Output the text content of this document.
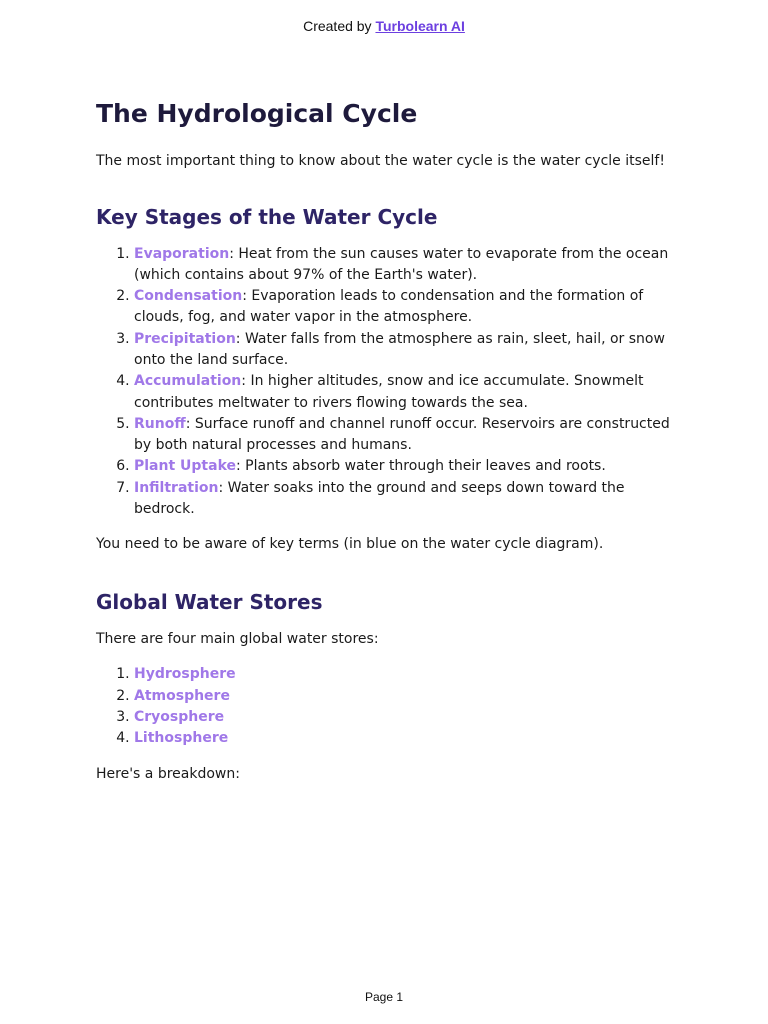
Created by Turbolearn AI
The Hydrological Cycle

The most important thing to know about the water cycle is the water cycle itself!

Key Stages of the Water Cycle
1. Evaporation: Heat from the sun causes water to evaporate from the ocean (which contains about 97% of the Earth's water).
2. Condensation: Evaporation leads to condensation and the formation of clouds, fog, and water vapor in the atmosphere.
3. Precipitation: Water falls from the atmosphere as rain, sleet, hail, or snow onto the land surface.
4. Accumulation: In higher altitudes, snow and ice accumulate. Snowmelt contributes meltwater to rivers flowing towards the sea.
5. Runoff: Surface runoff and channel runoff occur. Reservoirs are constructed by both natural processes and humans.
6. Plant Uptake: Plants absorb water through their leaves and roots.
7. Infiltration: Water soaks into the ground and seeps down toward the bedrock.

You need to be aware of key terms (in blue on the water cycle diagram).

Global Water Stores

There are four main global water stores:

1. Hydrosphere
2. Atmosphere
3. Cryosphere
4. Lithosphere

Here's a breakdown:

Page 1
